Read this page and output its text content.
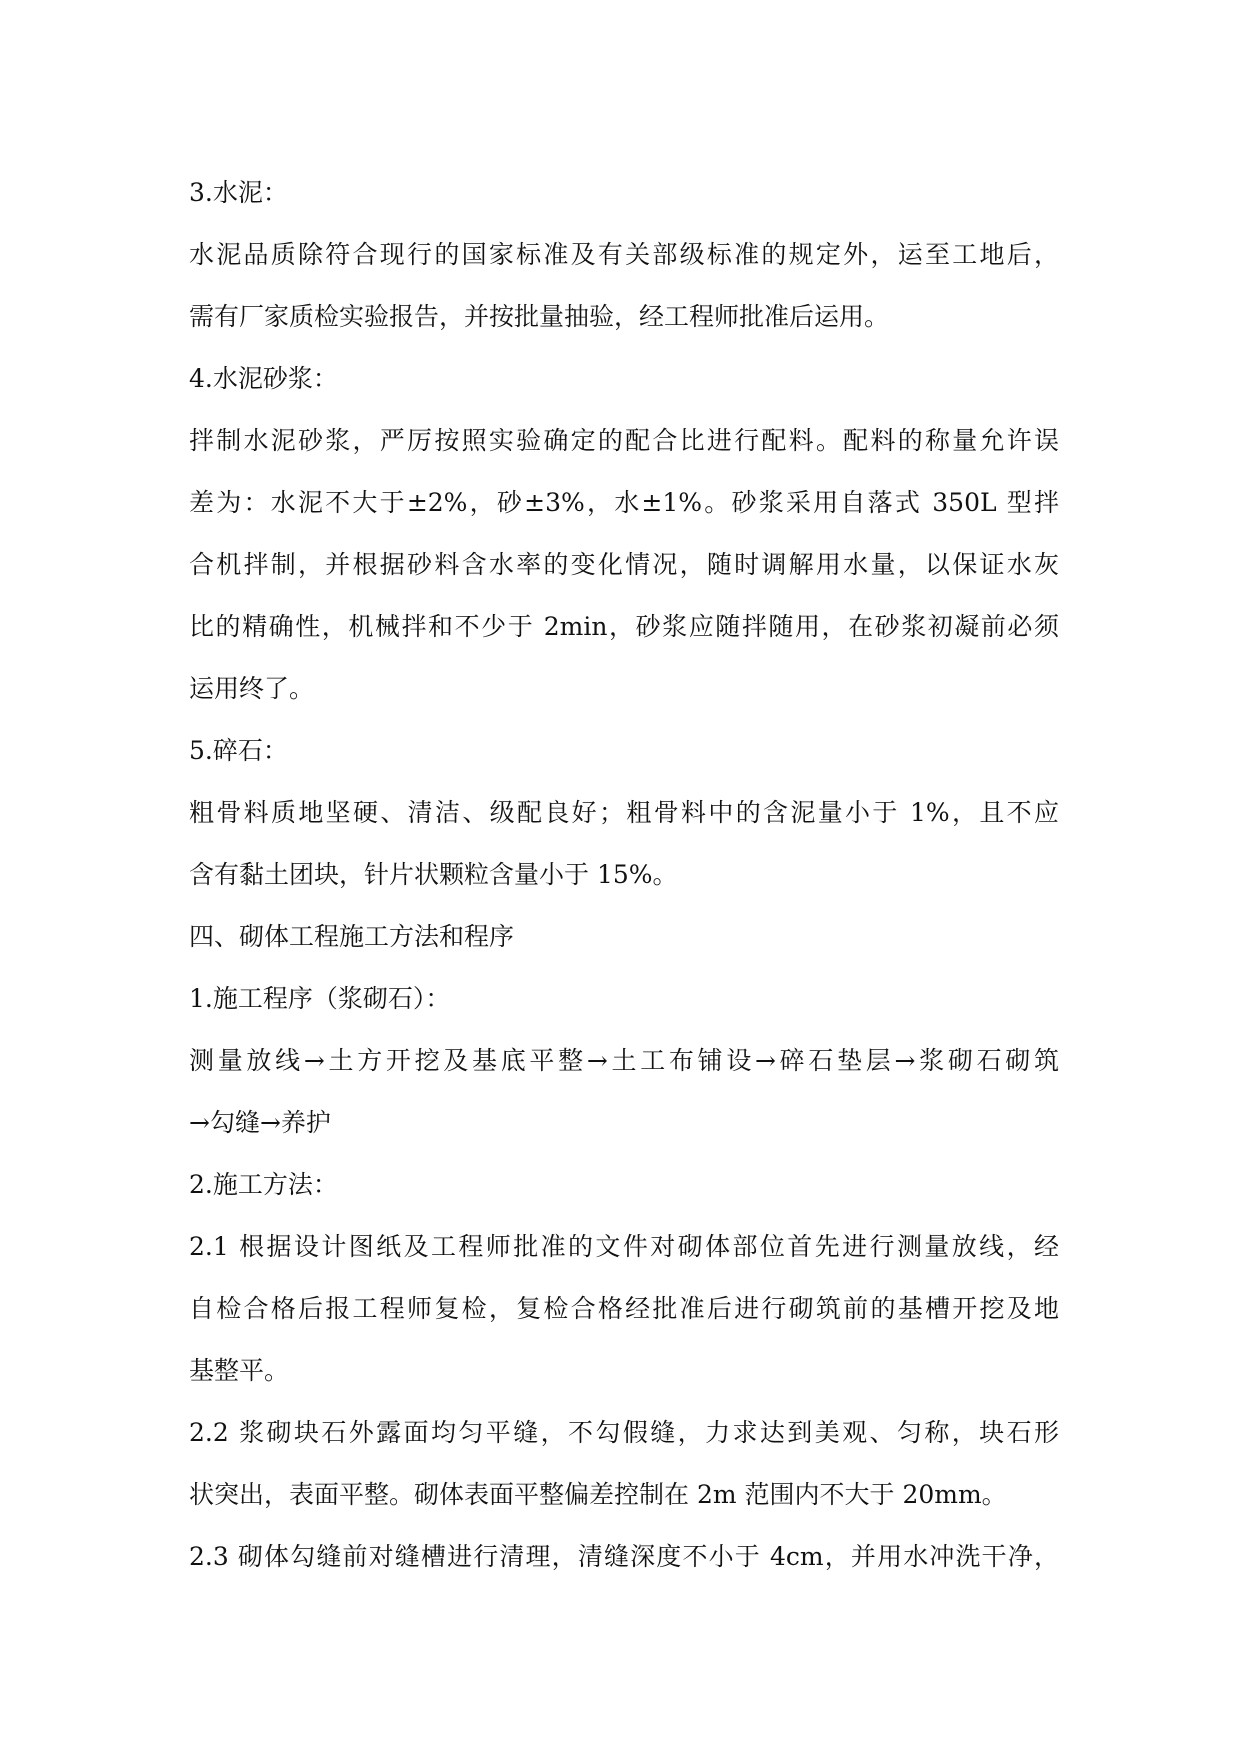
3.水泥：

水泥品质除符合现行的国家标准及有关部级标准的规定外，运至工地后，

需有厂家质检实验报告，并按批量抽验，经工程师批准后运用。

4.水泥砂浆：

拌制水泥砂浆，严厉按照实验确定的配合比进行配料。配料的称量允许误

差为：水泥不大于±2%，砂±3%，水±1%。砂浆采用自落式 350L 型拌

合机拌制，并根据砂料含水率的变化情况，随时调解用水量，以保证水灰

比的精确性，机械拌和不少于 2min，砂浆应随拌随用，在砂浆初凝前必须

运用终了。

5.碎石：

粗骨料质地坚硬、清洁、级配良好；粗骨料中的含泥量小于 1%，且不应

含有黏土团块，针片状颗粒含量小于 15%。

四、砌体工程施工方法和程序

1.施工程序（浆砌石）：

测量放线→土方开挖及基底平整→土工布铺设→碎石垫层→浆砌石砌筑

→勾缝→养护

2.施工方法：

2.1 根据设计图纸及工程师批准的文件对砌体部位首先进行测量放线，经

自检合格后报工程师复检，复检合格经批准后进行砌筑前的基槽开挖及地

基整平。

2.2 浆砌块石外露面均匀平缝，不勾假缝，力求达到美观、匀称，块石形

状突出，表面平整。砌体表面平整偏差控制在 2m 范围内不大于 20mm。

2.3 砌体勾缝前对缝槽进行清理，清缝深度不小于 4cm，并用水冲洗干净，
